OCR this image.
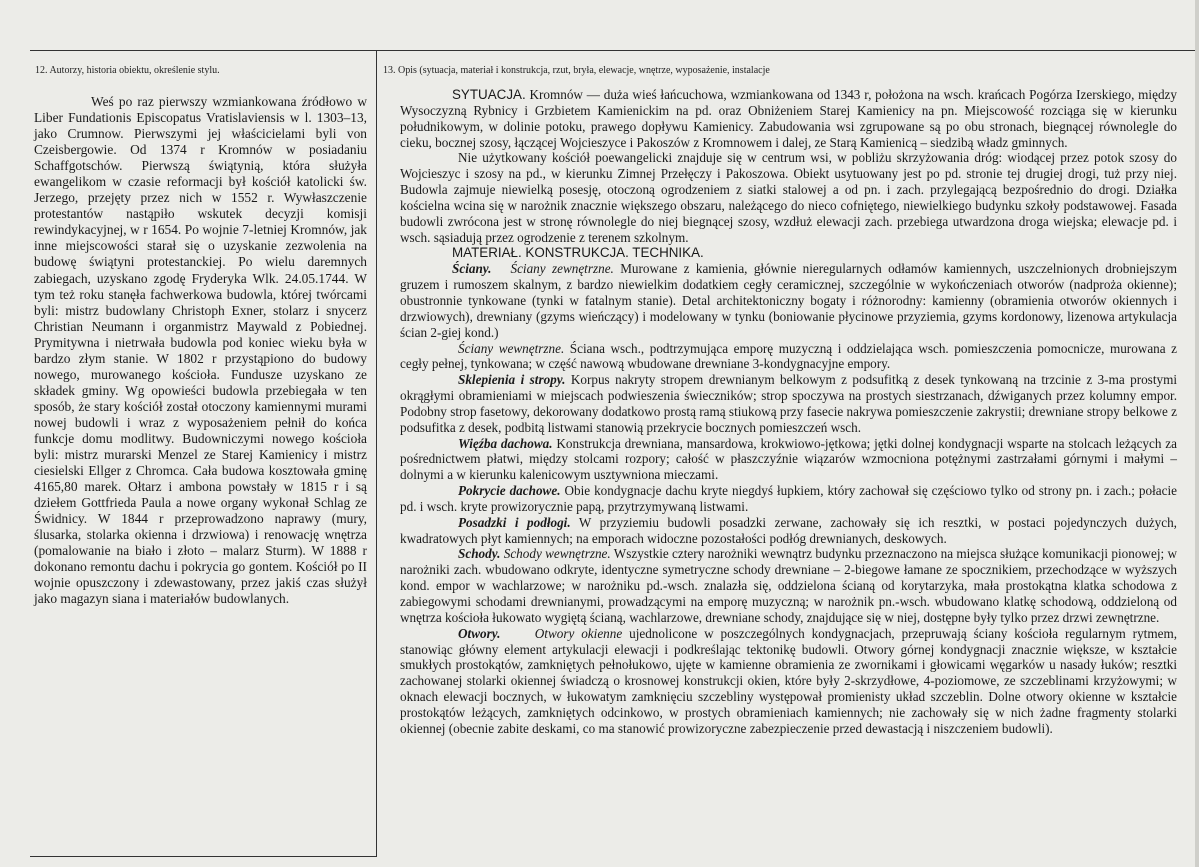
12. Autorzy, historia obiektu, określenie stylu.

Weś po raz pierwszy wzmiankowana źródłowo w Liber Fundationis Episcopatus Vratislaviensis w l. 1303–13, jako Crumnow. Pierwszymi jej właścicielami byli von Czeisbergowie. Od 1374 r Kromnów w posiadaniu Schaffgotschów. Pierwszą świątynią, która służyła ewangelikom w czasie reformacji był kościół katolicki św. Jerzego, przejęty przez nich w 1552 r. Wywłaszczenie protestantów nastąpiło wskutek decyzji komisji rewindykacyjnej, w r 1654. Po wojnie 7-letniej Kromnów, jak inne miejscowości starał się o uzyskanie zezwolenia na budowę świątyni protestanckiej. Po wielu daremnych zabiegach, uzyskano zgodę Fryderyka Wlk. 24.05.1744. W tym też roku stanęła fachwerkowa budowla, której twórcami byli: mistrz budowlany Christoph Exner, stolarz i snycerz Christian Neumann i organmistrz Maywald z Pobiednej. Prymitywna i nietrwała budowla pod koniec wieku była w bardzo złym stanie. W 1802 r przystąpiono do budowy nowego, murowanego kościoła. Fundusze uzyskano ze składek gminy. Wg opowieści budowla przebiegała w ten sposób, że stary kościół został otoczony kamiennymi murami nowej budowli i wraz z wyposażeniem pełnił do końca funkcje domu modlitwy. Budowniczymi nowego kościoła byli: mistrz murarski Menzel ze Starej Kamienicy i mistrz ciesielski Ellger z Chromca. Cała budowa kosztowała gminę 4165,80 marek. Ołtarz i ambona powstały w 1815 r i są dziełem Gottfrieda Paula a nowe organy wykonał Schlag ze Świdnicy. W 1844 r przeprowadzono naprawy (mury, ślusarka, stolarka okienna i drzwiowa) i renowację wnętrza (pomalowanie na biało i złoto – malarz Sturm). W 1888 r dokonano remontu dachu i pokrycia go gontem. Kościół po II wojnie opuszczony i zdewastowany, przez jakiś czas służył jako magazyn siana i materiałów budowlanych.

13. Opis (sytuacja, materiał i konstrukcja, rzut, bryła, elewacje, wnętrze, wyposażenie, instalacje

SYTUACJA. Kromnów — duża wieś łańcuchowa, wzmiankowana od 1343 r, położona na wsch. krańcach Pogórza Izerskiego, między Wysoczyzną Rybnicy i Grzbietem Kamienickim na pd. oraz Obniżeniem Starej Kamienicy na pn. Miejscowość rozciąga się w kierunku południkowym, w dolinie potoku, prawego dopływu Kamienicy. Zabudowania wsi zgrupowane są po obu stronach, biegnącej równolegle do cieku, bocznej szosy, łączącej Wojcieszyce i Pakoszów z Kromnowem i dalej, ze Starą Kamienicą – siedzibą władz gminnych.

Nie użytkowany kościół poewangelicki znajduje się w centrum wsi, w pobliżu skrzyżowania dróg: wiodącej przez potok szosy do Wojcieszyc i szosy na pd., w kierunku Zimnej Przełęczy i Pakoszowa. Obiekt usytuowany jest po pd. stronie tej drugiej drogi, tuż przy niej. Budowla zajmuje niewielką posesję, otoczoną ogrodzeniem z siatki stalowej a od pn. i zach. przylegającą bezpośrednio do drogi. Działka kościelna wcina się w narożnik znacznie większego obszaru, należącego do nieco cofniętego, niewielkiego budynku szkoły podstawowej. Fasada budowli zwrócona jest w stronę równolegle do niej biegnącej szosy, wzdłuż elewacji zach. przebiega utwardzona droga wiejska; elewacje pd. i wsch. sąsiadują przez ogrodzenie z terenem szkolnym.

MATERIAŁ. KONSTRUKCJA. TECHNIKA.

Ściany. Ściany zewnętrzne. Murowane z kamienia, głównie nieregularnych odłamów kamiennych, uszczelnionych drobniejszym gruzem i rumoszem skalnym, z bardzo niewielkim dodatkiem cegły ceramicznej, szczególnie w wykończeniach otworów (nadproża okienne); obustronnie tynkowane (tynki w fatalnym stanie). Detal architektoniczny bogaty i różnorodny: kamienny (obramienia otworów okiennych i drzwiowych), drewniany (gzyms wieńczący) i modelowany w tynku (boniowanie płycinowe przyziemia, gzyms kordonowy, lizenowa artykulacja ścian 2-giej kond.)

Ściany wewnętrzne. Ściana wsch., podtrzymująca emporę muzyczną i oddzielająca wsch. pomieszczenia pomocnicze, murowana z cegły pełnej, tynkowana; w część nawową wbudowane drewniane 3-kondygnacyjne empory.

Sklepienia i stropy. Korpus nakryty stropem drewnianym belkowym z podsufitką z desek tynkowaną na trzcinie z 3-ma prostymi okrągłymi obramieniami w miejscach podwieszenia świeczników; strop spoczywa na prostych siestrzanach, dźwiganych przez kolumny empor. Podobny strop fasetowy, dekorowany dodatkowo prostą ramą stiukową przy fasecie nakrywa pomieszczenie zakrystii; drewniane stropy belkowe z podsufitka z desek, podbitą listwami stanowią przekrycie bocznych pomieszczeń wsch.

Więźba dachowa. Konstrukcja drewniana, mansardowa, krokwiowo-jętkowa; jętki dolnej kondygnacji wsparte na stolcach leżących za pośrednictwem płatwi, między stolcami rozpory; całość w płaszczyźnie wiązarów wzmocniona potężnymi zastrzałami górnymi i małymi – dolnymi a w kierunku kalenicowym usztywniona mieczami.

Pokrycie dachowe. Obie kondygnacje dachu kryte niegdyś łupkiem, który zachował się częściowo tylko od strony pn. i zach.; połacie pd. i wsch. kryte prowizorycznie papą, przytrzymywaną listwami.

Posadzki i podłogi. W przyziemiu budowli posadzki zerwane, zachowały się ich resztki, w postaci pojedynczych dużych, kwadratowych płyt kamiennych; na emporach widoczne pozostałości podłóg drewnianych, deskowych.

Schody. Schody wewnętrzne. Wszystkie cztery narożniki wewnątrz budynku przeznaczono na miejsca służące komunikacji pionowej; w narożniki zach. wbudowano odkryte, identyczne symetryczne schody drewniane – 2-biegowe łamane ze spocznikiem, przechodzące w wyższych kond. empor w wachlarzowe; w narożniku pd.-wsch. znalazła się, oddzielona ścianą od korytarzyka, mała prostokątna klatka schodowa z zabiegowymi schodami drewnianymi, prowadzącymi na emporę muzyczną; w narożnik pn.-wsch. wbudowano klatkę schodową, oddzieloną od wnętrza kościoła łukowato wygiętą ścianą, wachlarzowe, drewniane schody, znajdujące się w niej, dostępne były tylko przez drzwi zewnętrzne.

Otwory.	Otwory okienne ujednolicone w poszczególnych kondygnacjach, przepruwają ściany kościoła regularnym rytmem, stanowiąc główny element artykulacji elewacji i podkreślając tektonikę budowli. Otwory górnej kondygnacji znacznie większe, w kształcie smukłych prostokątów, zamkniętych pełnołukowo, ujęte w kamienne obramienia ze zwornikami i głowicami węgarków u nasady łuków; resztki zachowanej stolarki okiennej świadczą o krosnowej konstrukcji okien, które były 2-skrzydłowe, 4-poziomowe, ze szczeblinami krzyżowymi; w oknach elewacji bocznych, w łukowatym zamknięciu szczebliny występował promienisty układ szczeblin. Dolne otwory okienne w kształcie prostokątów leżących, zamkniętych odcinkowo, w prostych obramieniach kamiennych; nie zachowały się w nich żadne fragmenty stolarki okiennej (obecnie zabite deskami, co ma stanowić prowizoryczne zabezpieczenie przed dewastacją i niszczeniem budowli).
